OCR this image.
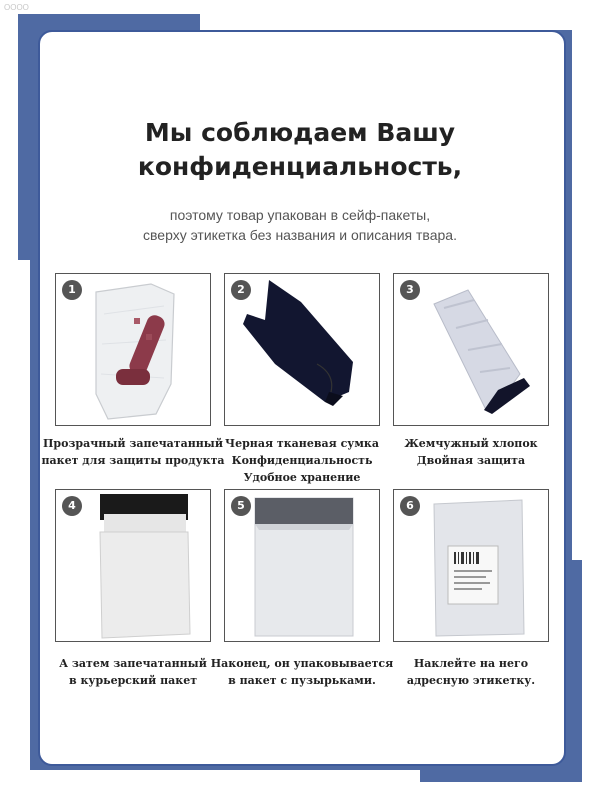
OOOO
Мы соблюдаем Вашу
конфиденциальность,
поэтому товар упакован в сейф-пакеты,
сверху этикетка без названия и описания твара.
1
Прозрачный запечатанный
пакет для защиты продукта
2
Черная тканевая сумка
Конфиденциальность
Удобное хранение
3
Жемчужный хлопок
Двойная защита
4
А затем запечатанный
в курьерский пакет
5
Наконец, он упаковывается
в пакет с пузырьками.
6
Наклейте на него
адресную этикетку.
